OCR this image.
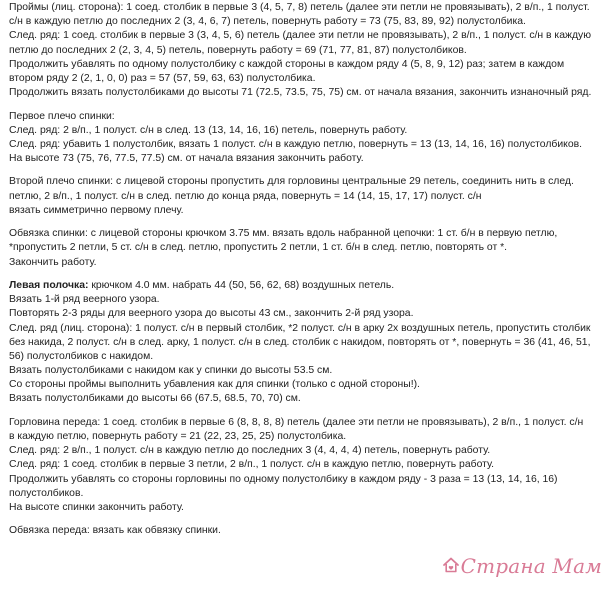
Проймы (лиц. сторона): 1 соед. столбик в первые 3 (4, 5, 7, 8) петель (далее эти петли не провязывать), 2 в/п., 1 полуст.
с/н в каждую петлю до последних 2 (3, 4, 6, 7) петель, повернуть работу = 73 (75, 83, 89, 92) полустолбика.
След. ряд: 1 соед. столбик в первые 3 (3, 4, 5, 6) петель (далее эти петли не провязывать), 2 в/п., 1 полуст. с/н в каждую
петлю до последних 2 (2, 3, 4, 5) петель, повернуть работу = 69 (71, 77, 81, 87) полустолбиков.
Продолжить убавлять по одному полустолбику с каждой стороны в каждом ряду 4 (5, 8, 9, 12) раз; затем в каждом
втором ряду 2 (2, 1, 0, 0) раз = 57 (57, 59, 63, 63) полустолбика.
Продолжить вязать полустолбиками до высоты 71 (72.5, 73.5, 75, 75) см. от начала вязания, закончить изнаночный ряд.
Первое плечо спинки:
След. ряд: 2 в/п., 1 полуст. с/н в след. 13 (13, 14, 16, 16) петель, повернуть работу.
След. ряд: убавить 1 полустолбик, вязать 1 полуст. с/н в каждую петлю, повернуть = 13 (13, 14, 16, 16) полустолбиков.
На высоте 73 (75, 76, 77.5, 77.5) см. от начала вязания закончить работу.
Второй плечо спинки: с лицевой стороны пропустить для горловины центральные 29 петель, соединить нить в след.
петлю, 2 в/п., 1 полуст. с/н в след. петлю до конца ряда, повернуть = 14 (14, 15, 17, 17) полуст. с/н
вязать симметрично первому плечу.
Обвязка спинки: с лицевой стороны крючком 3.75 мм. вязать вдоль набранной цепочки: 1 ст. б/н в первую петлю,
*пропустить 2 петли, 5 ст. с/н в след. петлю, пропустить 2 петли, 1 ст. б/н в след. петлю, повторять от *.
Закончить работу.
Левая полочка: крючком 4.0 мм. набрать 44 (50, 56, 62, 68) воздушных петель.
Вязать 1-й ряд веерного узора.
Повторять 2-3 ряды для веерного узора до высоты 43 см., закончить 2-й ряд узора.
След. ряд (лиц. сторона): 1 полуст. с/н в первый столбик, *2 полуст. с/н в арку 2х воздушных петель, пропустить столбик
без накида, 2 полуст. с/н в след. арку, 1 полуст. с/н в след. столбик с накидом, повторять от *, повернуть = 36 (41, 46, 51,
56) полустолбиков с накидом.
Вязать полустолбиками с накидом как у спинки до высоты 53.5 см.
Со стороны проймы выполнить убавления как для спинки (только с одной стороны!).
Вязать полустолбиками до высоты 66 (67.5, 68.5, 70, 70) см.
Горловина переда: 1 соед. столбик в первые 6 (8, 8, 8, 8) петель (далее эти петли не провязывать), 2 в/п., 1 полуст. с/н
в каждую петлю, повернуть работу = 21 (22, 23, 25, 25) полустолбика.
След. ряд: 2 в/п., 1 полуст. с/н в каждую петлю до последних 3 (4, 4, 4, 4) петель, повернуть работу.
След. ряд: 1 соед. столбик в первые 3 петли, 2 в/п., 1 полуст. с/н в каждую петлю, повернуть работу.
Продолжить убавлять со стороны горловины по одному полустолбику в каждом ряду - 3 раза = 13 (13, 14, 16, 16)
полустолбиков.
На высоте спинки закончить работу.
Обвязка переда: вязать как обвязку спинки.
Страна Мам
